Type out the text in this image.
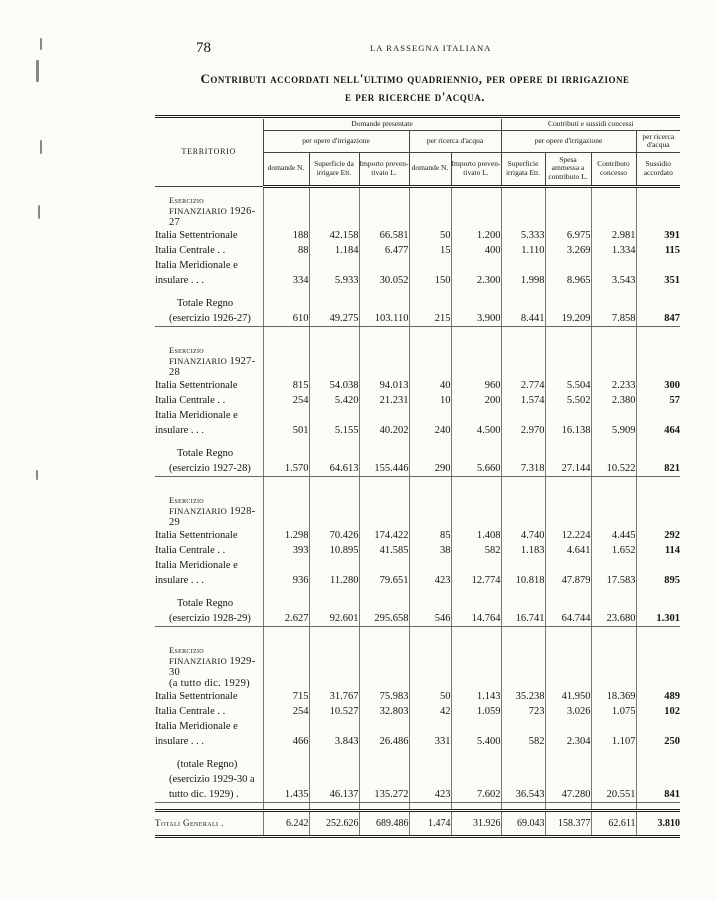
78	LA RASSEGNA ITALIANA
Contributi accordati nell'ultimo quadriennio, per opere di irrigazione
e per ricerche d'acqua.
TERRITORIO	Domande presentate					Contributi e sussidi concessi			
	per opere d'irrigazione			per ricerca d'acqua		per opere d'irrigazione			per ricerca d'acqua
	domande N.	Superficie da irrigare Ett.	Importo preven- tivato L.	domande N.	Importo preven- tivato L.	Superficie irrigata Ett.	Spesa ammessa a contributo L.	Contributo concesso	Sussidio accordato
Esercizio
FINANZIARIO 1926-27									
Italia Settentrionale	188	42.158	66.581	50	1.200	5.333	6.975	2.981	391
Italia Centrale . .	88	1.184	6.477	15	400	1.110	3.269	1.334	115
Italia Meridionale e
insulare . . .	334	5.933	30.052	150	2.300	1.998	8.965	3.543	351
Totale Regno
(esercizio 1926-27)	610	49.275	103.110	215	3.900	8.441	19.209	7.858	847
Esercizio
FINANZIARIO 1927-28									
Italia Settentrionale	815	54.038	94.013	40	960	2.774	5.504	2.233	300
Italia Centrale . .	254	5.420	21.231	10	200	1.574	5.502	2.380	57
Italia Meridionale e
insulare . . .	501	5.155	40.202	240	4.500	2.970	16.138	5.909	464
Totale Regno
(esercizio 1927-28)	1.570	64.613	155.446	290	5.660	7.318	27.144	10.522	821
Esercizio
FINANZIARIO 1928-29									
Italia Settentrionale	1.298	70.426	174.422	85	1.408	4.740	12.224	4.445	292
Italia Centrale . .	393	10.895	41.585	38	582	1.183	4.641	1.652	114
Italia Meridionale e
insulare . . .	936	11.280	79.651	423	12.774	10.818	47.879	17.583	895
Totale Regno
(esercizio 1928-29)	2.627	92.601	295.658	546	14.764	16.741	64.744	23.680	1.301
Esercizio
FINANZIARIO 1929-30
(a tutto dic. 1929)									
Italia Settentrionale	715	31.767	75.983	50	1.143	35.238	41.950	18.369	489
Italia Centrale . .	254	10.527	32.803	42	1.059	723	3.026	1.075	102
Italia Meridionale e
insulare . . .	466	3.843	26.486	331	5.400	582	2.304	1.107	250
(totale Regno)
(esercizio 1929-30 a
tutto dic. 1929) .	1.435	46.137	135.272	423	7.602	36.543	47.280	20.551	841

Totali Generali .	6.242	252.626	689.486	1.474	31.926	69.043	158.377	62.611	3.810
